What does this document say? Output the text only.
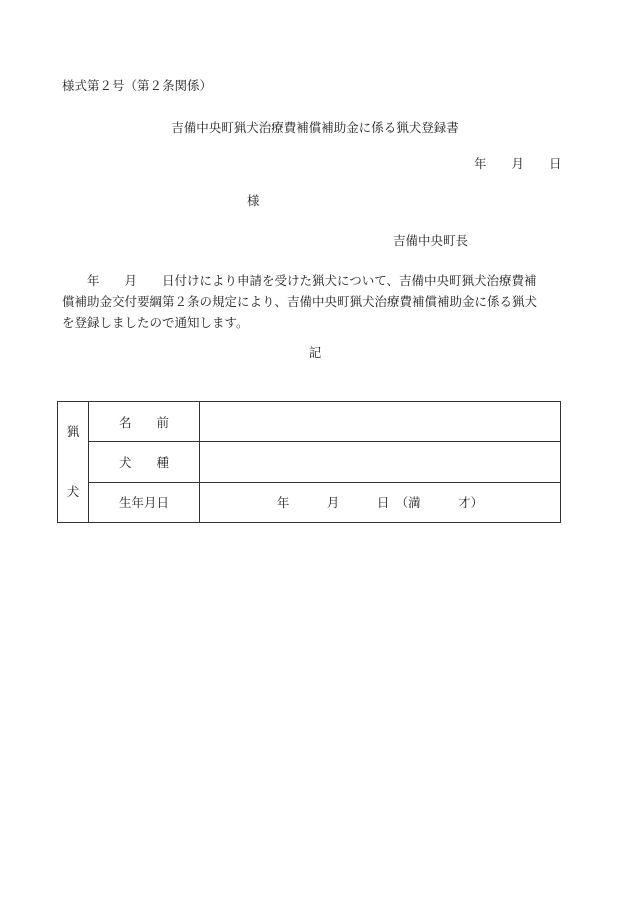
様式第２号（第２条関係）
吉備中央町猟犬治療費補償補助金に係る猟犬登録書
年　　月　　日
様
吉備中央町長

　　年　　月　　日付けにより申請を受けた猟犬について、吉備中央町猟犬治療費補

償補助金交付要綱第２条の規定により、吉備中央町猟犬治療費補償補助金に係る猟犬

を登録しましたので通知します。

記
猟
犬	名　　前	
	犬　　種	
	生年月日	年　　　月　　　日　（満　　　才）
